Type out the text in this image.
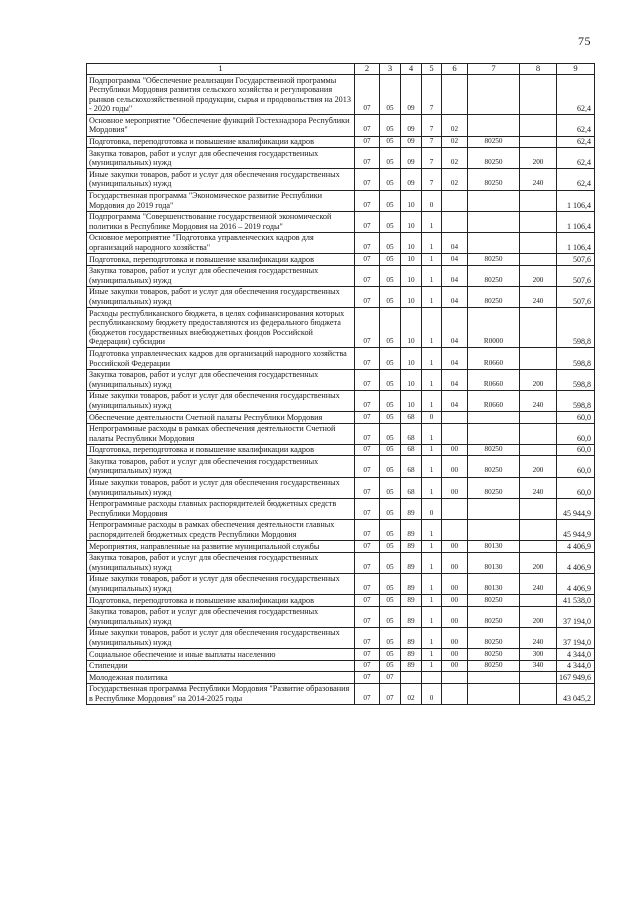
75
1	2	3	4	5	6	7	8	9
Подпрограмма "Обеспечение реализации Государственной программы Республики Мордовия развития сельского хозяйства и регулирования рынков сельскохозяйственной продукции, сырья и продовольствия на 2013 - 2020 годы"	07	05	09	7				62,4
Основное мероприятие "Обеспечение функций Гостехнадзора Республики Мордовия"	07	05	09	7	02			62,4
Подготовка, переподготовка и повышение квалификации кадров	07	05	09	7	02	80250		62,4
Закупка товаров, работ и услуг для обеспечения государственных (муниципальных) нужд	07	05	09	7	02	80250	200	62,4
Иные закупки товаров, работ и услуг для обеспечения государственных (муниципальных) нужд	07	05	09	7	02	80250	240	62,4
Государственная программа "Экономическое развитие Республики Мордовия до 2019 года"	07	05	10	0				1 106,4
Подпрограмма "Совершенствование государственной экономической политики в Республике Мордовия на 2016 – 2019 годы"	07	05	10	1				1 106,4
Основное мероприятие "Подготовка управленческих кадров для организаций народного хозяйства"	07	05	10	1	04			1 106,4
Подготовка, переподготовка и повышение квалификации кадров	07	05	10	1	04	80250		507,6
Закупка товаров, работ и услуг для обеспечения государственных (муниципальных) нужд	07	05	10	1	04	80250	200	507,6
Иные закупки товаров, работ и услуг для обеспечения государственных (муниципальных) нужд	07	05	10	1	04	80250	240	507,6
Расходы республиканского бюджета, в целях софинансирования которых республиканскому бюджету предоставляются из федерального бюджета (бюджетов государственных внебюджетных фондов Российской Федерации) субсидии	07	05	10	1	04	R0000		598,8
Подготовка управленческих кадров для организаций народного хозяйства Российской Федерации	07	05	10	1	04	R0660		598,8
Закупка товаров, работ и услуг для обеспечения государственных (муниципальных) нужд	07	05	10	1	04	R0660	200	598,8
Иные закупки товаров, работ и услуг для обеспечения государственных (муниципальных) нужд	07	05	10	1	04	R0660	240	598,8
Обеспечение деятельности Счетной палаты Республики Мордовия	07	05	68	0				60,0
Непрограммные расходы в рамках обеспечения деятельности Счетной палаты Республики Мордовия	07	05	68	1				60,0
Подготовка, переподготовка и повышение квалификации кадров	07	05	68	1	00	80250		60,0
Закупка товаров, работ и услуг для обеспечения государственных (муниципальных) нужд	07	05	68	1	00	80250	200	60,0
Иные закупки товаров, работ и услуг для обеспечения государственных (муниципальных) нужд	07	05	68	1	00	80250	240	60,0
Непрограммные расходы главных распорядителей бюджетных средств Республики Мордовия	07	05	89	0				45 944,9
Непрограммные расходы в рамках обеспечения деятельности главных распорядителей бюджетных средств Республики Мордовия	07	05	89	1				45 944,9
Мероприятия, направленные на развитие муниципальной службы	07	05	89	1	00	80130		4 406,9
Закупка товаров, работ и услуг для обеспечения государственных (муниципальных) нужд	07	05	89	1	00	80130	200	4 406,9
Иные закупки товаров, работ и услуг для обеспечения государственных (муниципальных) нужд	07	05	89	1	00	80130	240	4 406,9
Подготовка, переподготовка и повышение квалификации кадров	07	05	89	1	00	80250		41 538,0
Закупка товаров, работ и услуг для обеспечения государственных (муниципальных) нужд	07	05	89	1	00	80250	200	37 194,0
Иные закупки товаров, работ и услуг для обеспечения государственных (муниципальных) нужд	07	05	89	1	00	80250	240	37 194,0
Социальное обеспечение и иные выплаты населению	07	05	89	1	00	80250	300	4 344,0
Стипендии	07	05	89	1	00	80250	340	4 344,0
Молодежная политика	07	07						167 949,6
Государственная программа Республики Мордовия "Развитие образования в Республике Мордовия" на 2014-2025 годы	07	07	02	0				43 045,2
